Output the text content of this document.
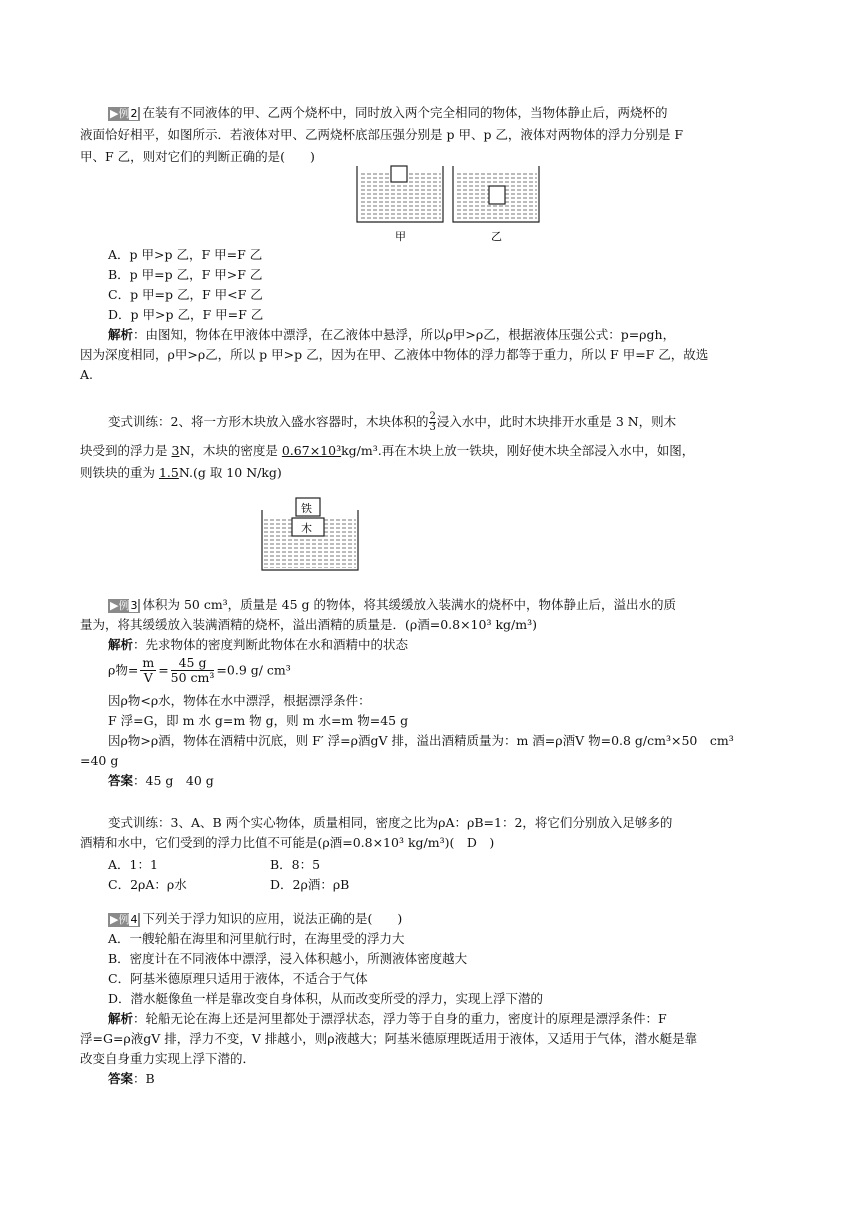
▶例2 在装有不同液体的甲、乙两个烧杯中，同时放入两个完全相同的物体，当物体静止后，两烧杯的
液面恰好相平，如图所示．若液体对甲、乙两烧杯底部压强分别是 p 甲、p 乙，液体对两物体的浮力分别是 F
甲、F 乙，则对它们的判断正确的是(　　)
甲	乙
A．p 甲>p 乙，F 甲=F 乙
B．p 甲=p 乙，F 甲>F 乙
C．p 甲=p 乙，F 甲<F 乙
D．p 甲>p 乙，F 甲=F 乙
解析：由图知，物体在甲液体中漂浮，在乙液体中悬浮，所以ρ甲>ρ乙，根据液体压强公式：p=ρgh，
因为深度相同，ρ甲>ρ乙，所以 p 甲>p 乙，因为在甲、乙液体中物体的浮力都等于重力，所以 F 甲=F 乙，故选
A.
变式训练：2、将一方形木块放入盛水容器时，木块体积的 $\frac{2}{3}$ 浸入水中，此时木块排开水重是 3 N，则木
块受到的浮力是 3N，木块的密度是 0.67×10³kg/m³.再在木块上放一铁块，刚好使木块全部浸入水中，如图，
则铁块的重为 1.5N.(g 取 10 N/kg)
铁
木
▶例3 体积为 50 cm³，质量是 45 g 的物体，将其缓缓放入装满水的烧杯中，物体静止后，溢出水的质
量为，将其缓缓放入装满酒精的烧杯，溢出酒精的质量是．(ρ酒=0.8×10³ kg/m³)
解析：先求物体的密度判断此物体在水和酒精中的状态
ρ物= $\frac{m}{V} = \frac{45 g}{\text{50 cm³}} =0.9$ g/ cm³
因ρ物<ρ水，物体在水中漂浮，根据漂浮条件：
F 浮=G，即 m 水 g=m 物 g，则 m 水=m 物=45 g
因ρ物>ρ酒，物体在酒精中沉底，则 F′ 浮=ρ酒gV 排，溢出酒精质量为：m 酒=ρ酒V 物=0.8 g/cm³×50　cm³
=40 g
答案：45 g　40 g
变式训练：3、A、B 两个实心物体，质量相同，密度之比为ρA：ρB=1：2，将它们分别放入足够多的
酒精和水中，它们受到的浮力比值不可能是(ρ酒=0.8×10³ kg/m³)(　D　)
A．1：1	B．8：5
C．2ρA：ρ水	D．2ρ酒：ρB
▶例4 下列关于浮力知识的应用，说法正确的是(　　)
A．一艘轮船在海里和河里航行时，在海里受的浮力大
B．密度计在不同液体中漂浮，浸入体积越小，所测液体密度越大
C．阿基米德原理只适用于液体，不适合于气体
D．潜水艇像鱼一样是靠改变自身体积，从而改变所受的浮力，实现上浮下潜的
解析：轮船无论在海上还是河里都处于漂浮状态，浮力等于自身的重力，密度计的原理是漂浮条件：F
浮=G=ρ液gV 排，浮力不变，V 排越小，则ρ液越大；阿基米德原理既适用于液体，又适用于气体，潜水艇是靠
改变自身重力实现上浮下潜的．
答案：B
